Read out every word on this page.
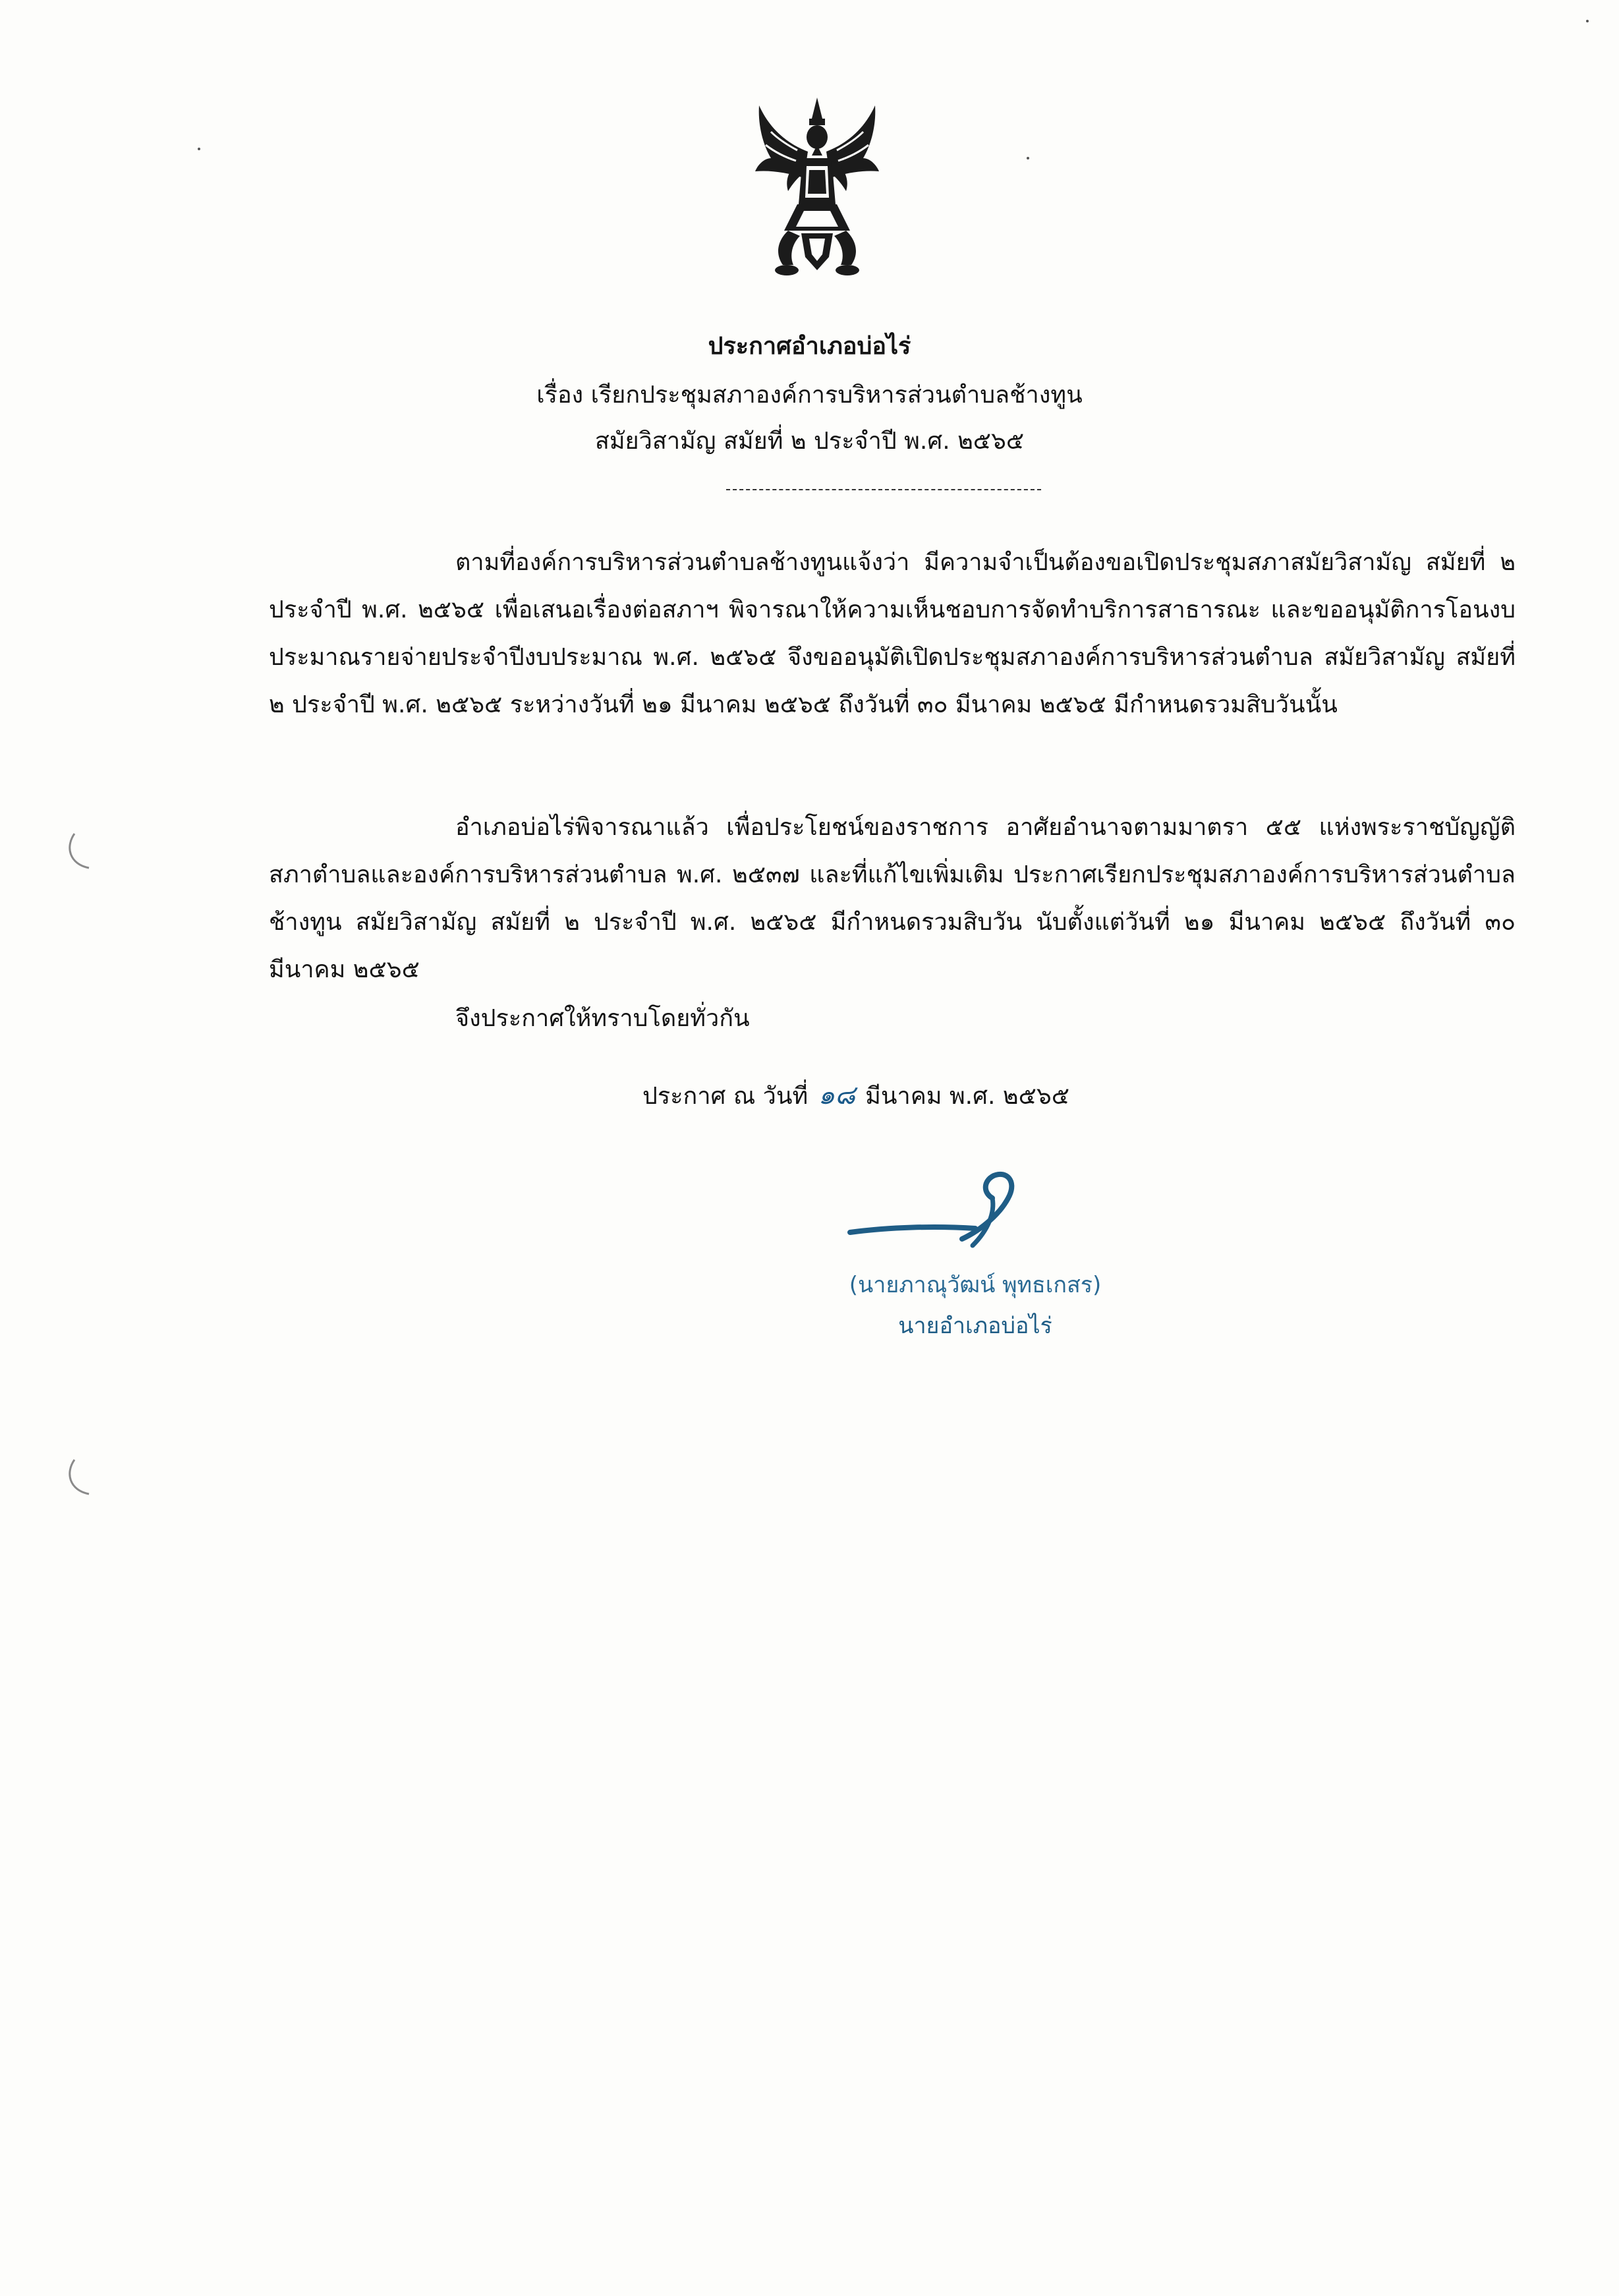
ประกาศอำเภอบ่อไร่
เรื่อง เรียกประชุมสภาองค์การบริหารส่วนตำบลช้างทูน
สมัยวิสามัญ สมัยที่ ๒ ประจำปี พ.ศ. ๒๕๖๕

ตามที่องค์การบริหารส่วนตำบลช้างทูนแจ้งว่า มีความจำเป็นต้องขอเปิดประชุมสภาสมัยวิสามัญ สมัยที่ ๒ ประจำปี พ.ศ. ๒๕๖๕ เพื่อเสนอเรื่องต่อสภาฯ พิจารณาให้ความเห็นชอบการจัดทำบริการสาธารณะ และขออนุมัติการโอนงบประมาณรายจ่ายประจำปีงบประมาณ พ.ศ. ๒๕๖๕ จึงขออนุมัติเปิดประชุมสภาองค์การบริหารส่วนตำบล สมัยวิสามัญ สมัยที่ ๒ ประจำปี พ.ศ. ๒๕๖๕ ระหว่างวันที่ ๒๑ มีนาคม ๒๕๖๕ ถึงวันที่ ๓๐ มีนาคม ๒๕๖๕ มีกำหนดรวมสิบวันนั้น

อำเภอบ่อไร่พิจารณาแล้ว เพื่อประโยชน์ของราชการ อาศัยอำนาจตามมาตรา ๕๕ แห่งพระราชบัญญัติสภาตำบลและองค์การบริหารส่วนตำบล พ.ศ. ๒๕๓๗ และที่แก้ไขเพิ่มเติม ประกาศเรียกประชุมสภาองค์การบริหารส่วนตำบลช้างทูน สมัยวิสามัญ สมัยที่ ๒ ประจำปี พ.ศ. ๒๕๖๕ มีกำหนดรวมสิบวัน นับตั้งแต่วันที่ ๒๑ มีนาคม ๒๕๖๕ ถึงวันที่ ๓๐ มีนาคม ๒๕๖๕

จึงประกาศให้ทราบโดยทั่วกัน

ประกาศ ณ วันที่ ๑๘ มีนาคม พ.ศ. ๒๕๖๕
(นายภาณุวัฒน์ พุทธเกสร)
นายอำเภอบ่อไร่
